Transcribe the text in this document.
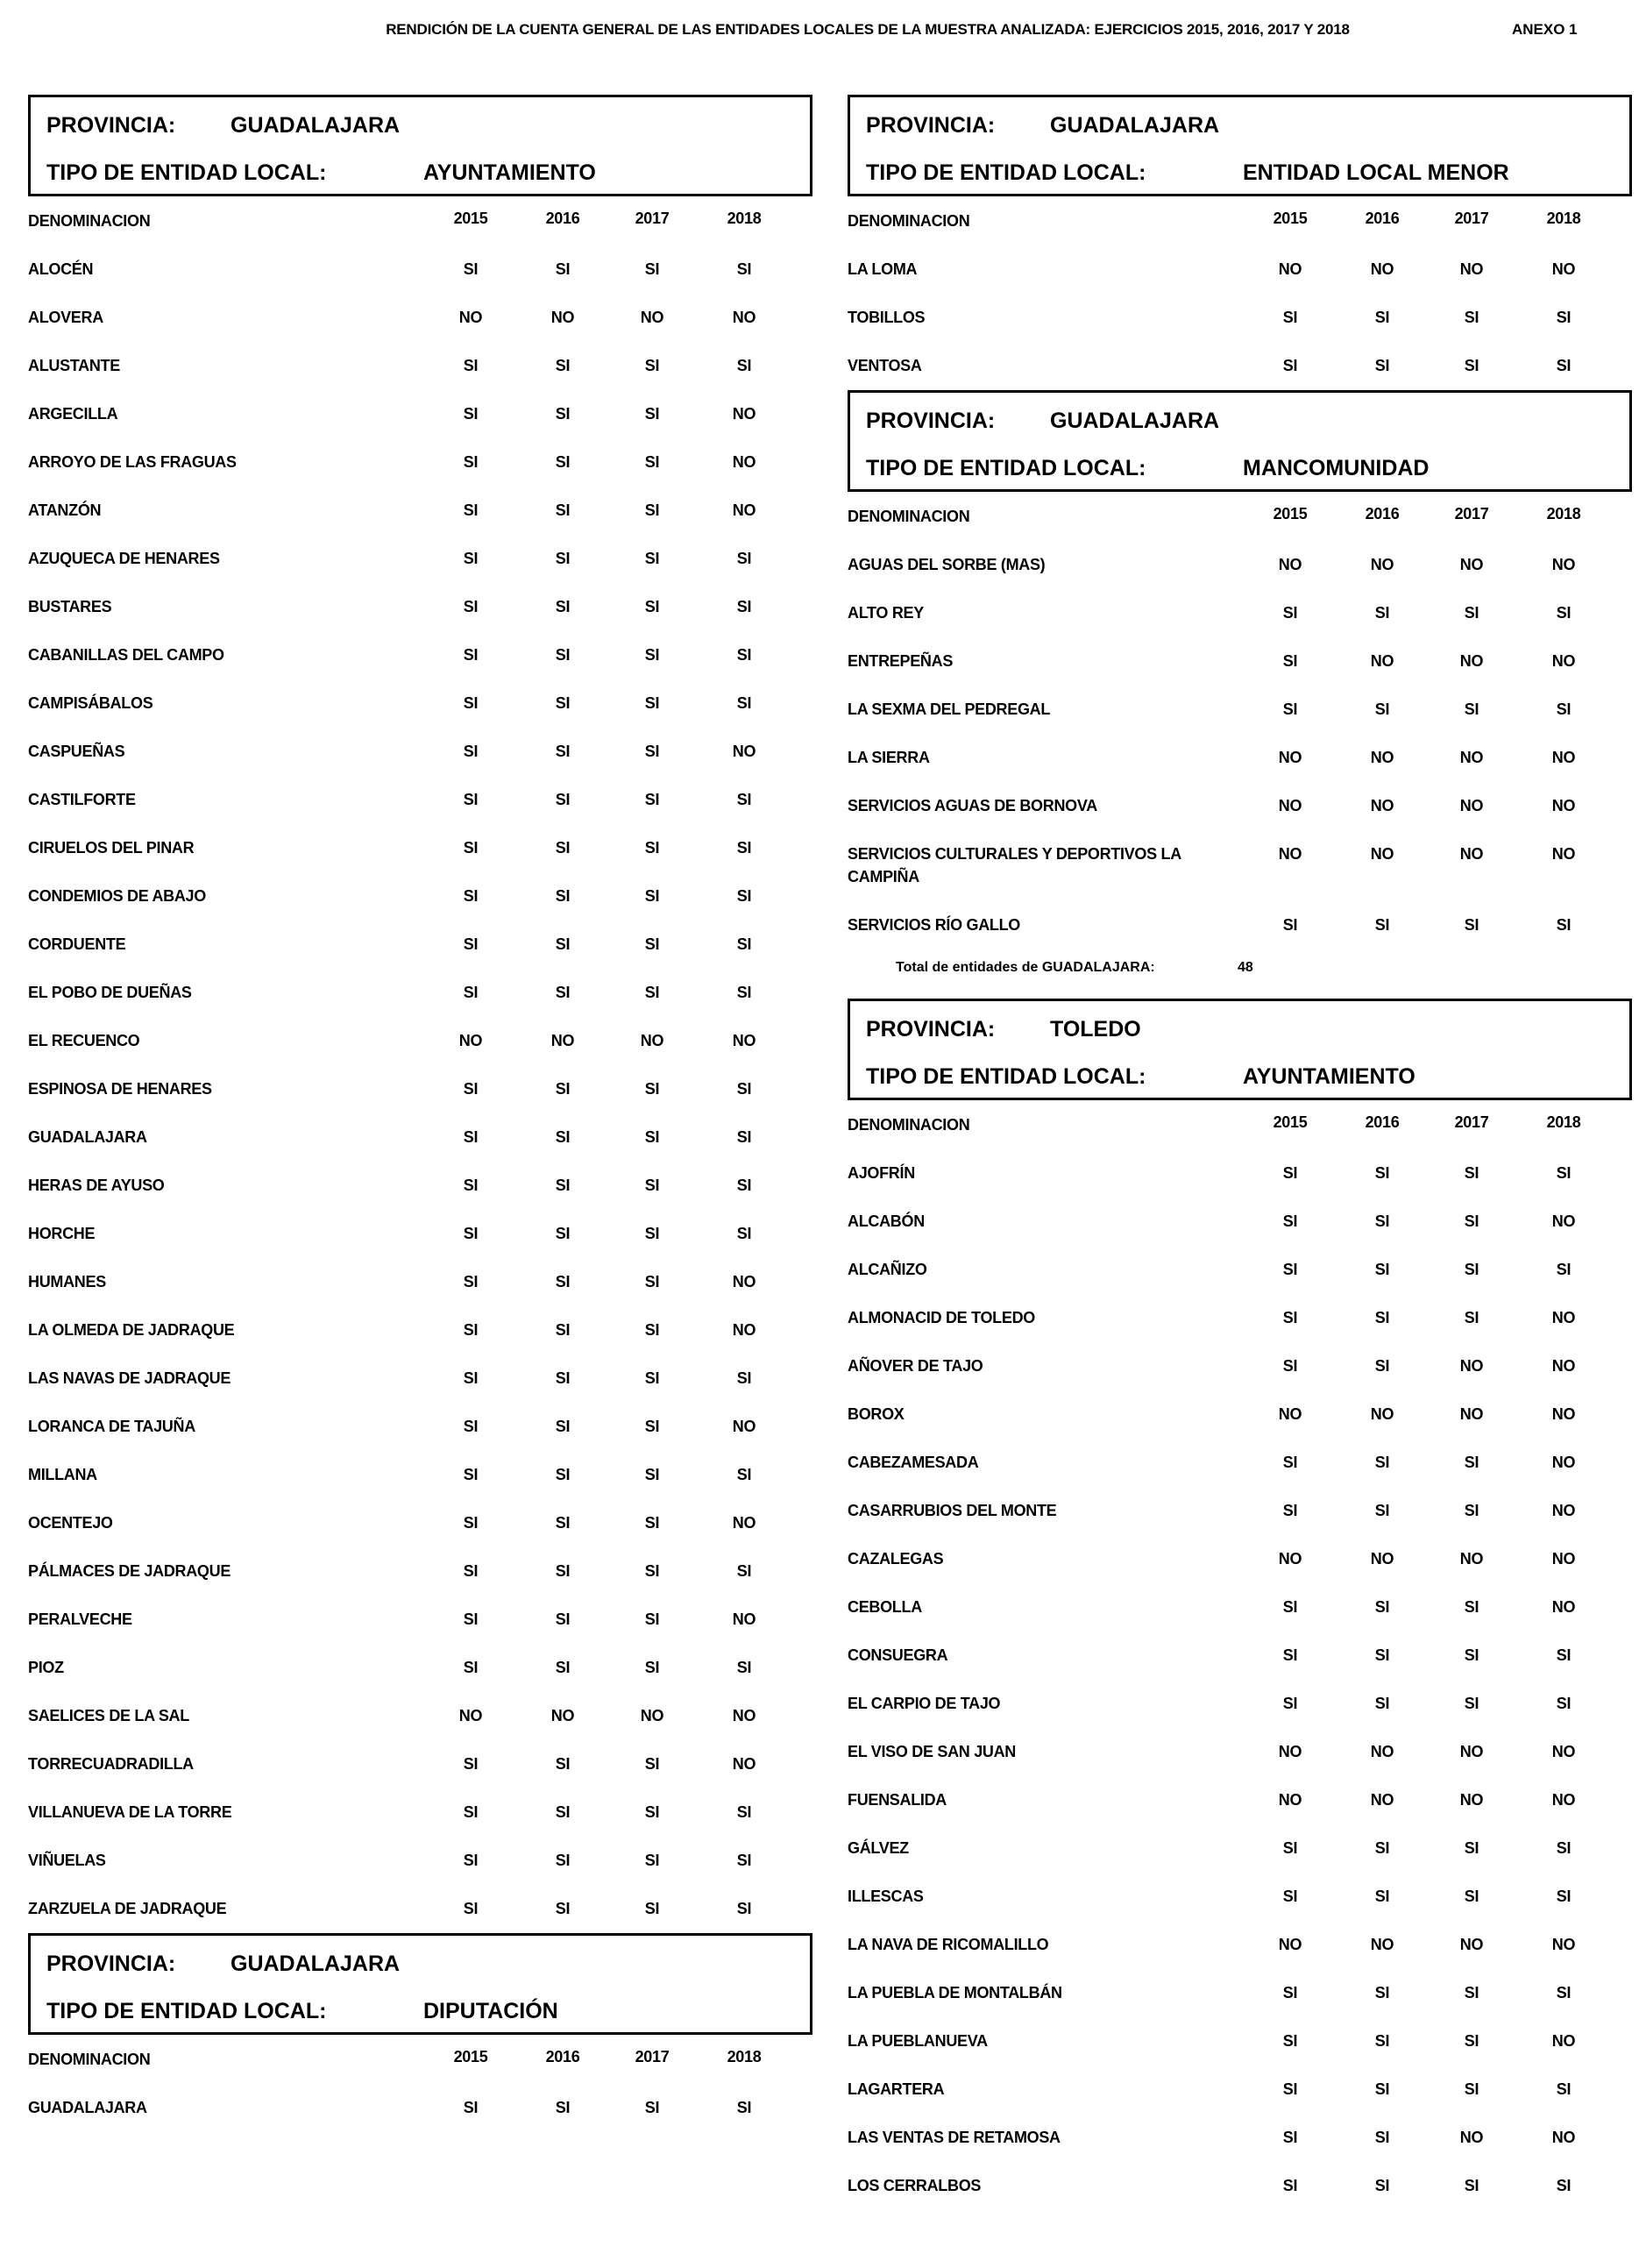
RENDICIÓN DE LA CUENTA GENERAL DE LAS ENTIDADES LOCALES DE LA MUESTRA ANALIZADA: EJERCICIOS 2015, 2016, 2017 Y 2018	ANEXO 1
PROVINCIA:	GUADALAJARA
TIPO DE ENTIDAD LOCAL:	AYUNTAMIENTO
DENOMINACION	2015	2016	2017	2018
ALOCÉN	SI	SI	SI	SI
ALOVERA	NO	NO	NO	NO
ALUSTANTE	SI	SI	SI	SI
ARGECILLA	SI	SI	SI	NO
ARROYO DE LAS FRAGUAS	SI	SI	SI	NO
ATANZÓN	SI	SI	SI	NO
AZUQUECA DE HENARES	SI	SI	SI	SI
BUSTARES	SI	SI	SI	SI
CABANILLAS DEL CAMPO	SI	SI	SI	SI
CAMPISÁBALOS	SI	SI	SI	SI
CASPUEÑAS	SI	SI	SI	NO
CASTILFORTE	SI	SI	SI	SI
CIRUELOS DEL PINAR	SI	SI	SI	SI
CONDEMIOS DE ABAJO	SI	SI	SI	SI
CORDUENTE	SI	SI	SI	SI
EL POBO DE DUEÑAS	SI	SI	SI	SI
EL RECUENCO	NO	NO	NO	NO
ESPINOSA DE HENARES	SI	SI	SI	SI
GUADALAJARA	SI	SI	SI	SI
HERAS DE AYUSO	SI	SI	SI	SI
HORCHE	SI	SI	SI	SI
HUMANES	SI	SI	SI	NO
LA OLMEDA DE JADRAQUE	SI	SI	SI	NO
LAS NAVAS DE JADRAQUE	SI	SI	SI	SI
LORANCA DE TAJUÑA	SI	SI	SI	NO
MILLANA	SI	SI	SI	SI
OCENTEJO	SI	SI	SI	NO
PÁLMACES DE JADRAQUE	SI	SI	SI	SI
PERALVECHE	SI	SI	SI	NO
PIOZ	SI	SI	SI	SI
SAELICES DE LA SAL	NO	NO	NO	NO
TORRECUADRADILLA	SI	SI	SI	NO
VILLANUEVA DE LA TORRE	SI	SI	SI	SI
VIÑUELAS	SI	SI	SI	SI
ZARZUELA DE JADRAQUE	SI	SI	SI	SI
PROVINCIA:	GUADALAJARA
TIPO DE ENTIDAD LOCAL:	DIPUTACIÓN
DENOMINACION	2015	2016	2017	2018
GUADALAJARA	SI	SI	SI	SI
PROVINCIA:	GUADALAJARA
TIPO DE ENTIDAD LOCAL:	ENTIDAD LOCAL MENOR
DENOMINACION	2015	2016	2017	2018
LA LOMA	NO	NO	NO	NO
TOBILLOS	SI	SI	SI	SI
VENTOSA	SI	SI	SI	SI
PROVINCIA:	GUADALAJARA
TIPO DE ENTIDAD LOCAL:	MANCOMUNIDAD
DENOMINACION	2015	2016	2017	2018
AGUAS DEL SORBE (MAS)	NO	NO	NO	NO
ALTO REY	SI	SI	SI	SI
ENTREPEÑAS	SI	NO	NO	NO
LA SEXMA DEL PEDREGAL	SI	SI	SI	SI
LA SIERRA	NO	NO	NO	NO
SERVICIOS AGUAS DE BORNOVA	NO	NO	NO	NO
SERVICIOS CULTURALES Y DEPORTIVOS LA CAMPIÑA
NO	NO	NO	NO
SERVICIOS RÍO GALLO	SI	SI	SI	SI
Total de entidades de GUADALAJARA:	48
PROVINCIA:	TOLEDO
TIPO DE ENTIDAD LOCAL:	AYUNTAMIENTO
DENOMINACION	2015	2016	2017	2018
AJOFRÍN	SI	SI	SI	SI
ALCABÓN	SI	SI	SI	NO
ALCAÑIZO	SI	SI	SI	SI
ALMONACID DE TOLEDO	SI	SI	SI	NO
AÑOVER DE TAJO	SI	SI	NO	NO
BOROX	NO	NO	NO	NO
CABEZAMESADA	SI	SI	SI	NO
CASARRUBIOS DEL MONTE	SI	SI	SI	NO
CAZALEGAS	NO	NO	NO	NO
CEBOLLA	SI	SI	SI	NO
CONSUEGRA	SI	SI	SI	SI
EL CARPIO DE TAJO	SI	SI	SI	SI
EL VISO DE SAN JUAN	NO	NO	NO	NO
FUENSALIDA	NO	NO	NO	NO
GÁLVEZ	SI	SI	SI	SI
ILLESCAS	SI	SI	SI	SI
LA NAVA DE RICOMALILLO	NO	NO	NO	NO
LA PUEBLA DE MONTALBÁN	SI	SI	SI	SI
LA PUEBLANUEVA	SI	SI	SI	NO
LAGARTERA	SI	SI	SI	SI
LAS VENTAS DE RETAMOSA	SI	SI	NO	NO
LOS CERRALBOS	SI	SI	SI	SI
